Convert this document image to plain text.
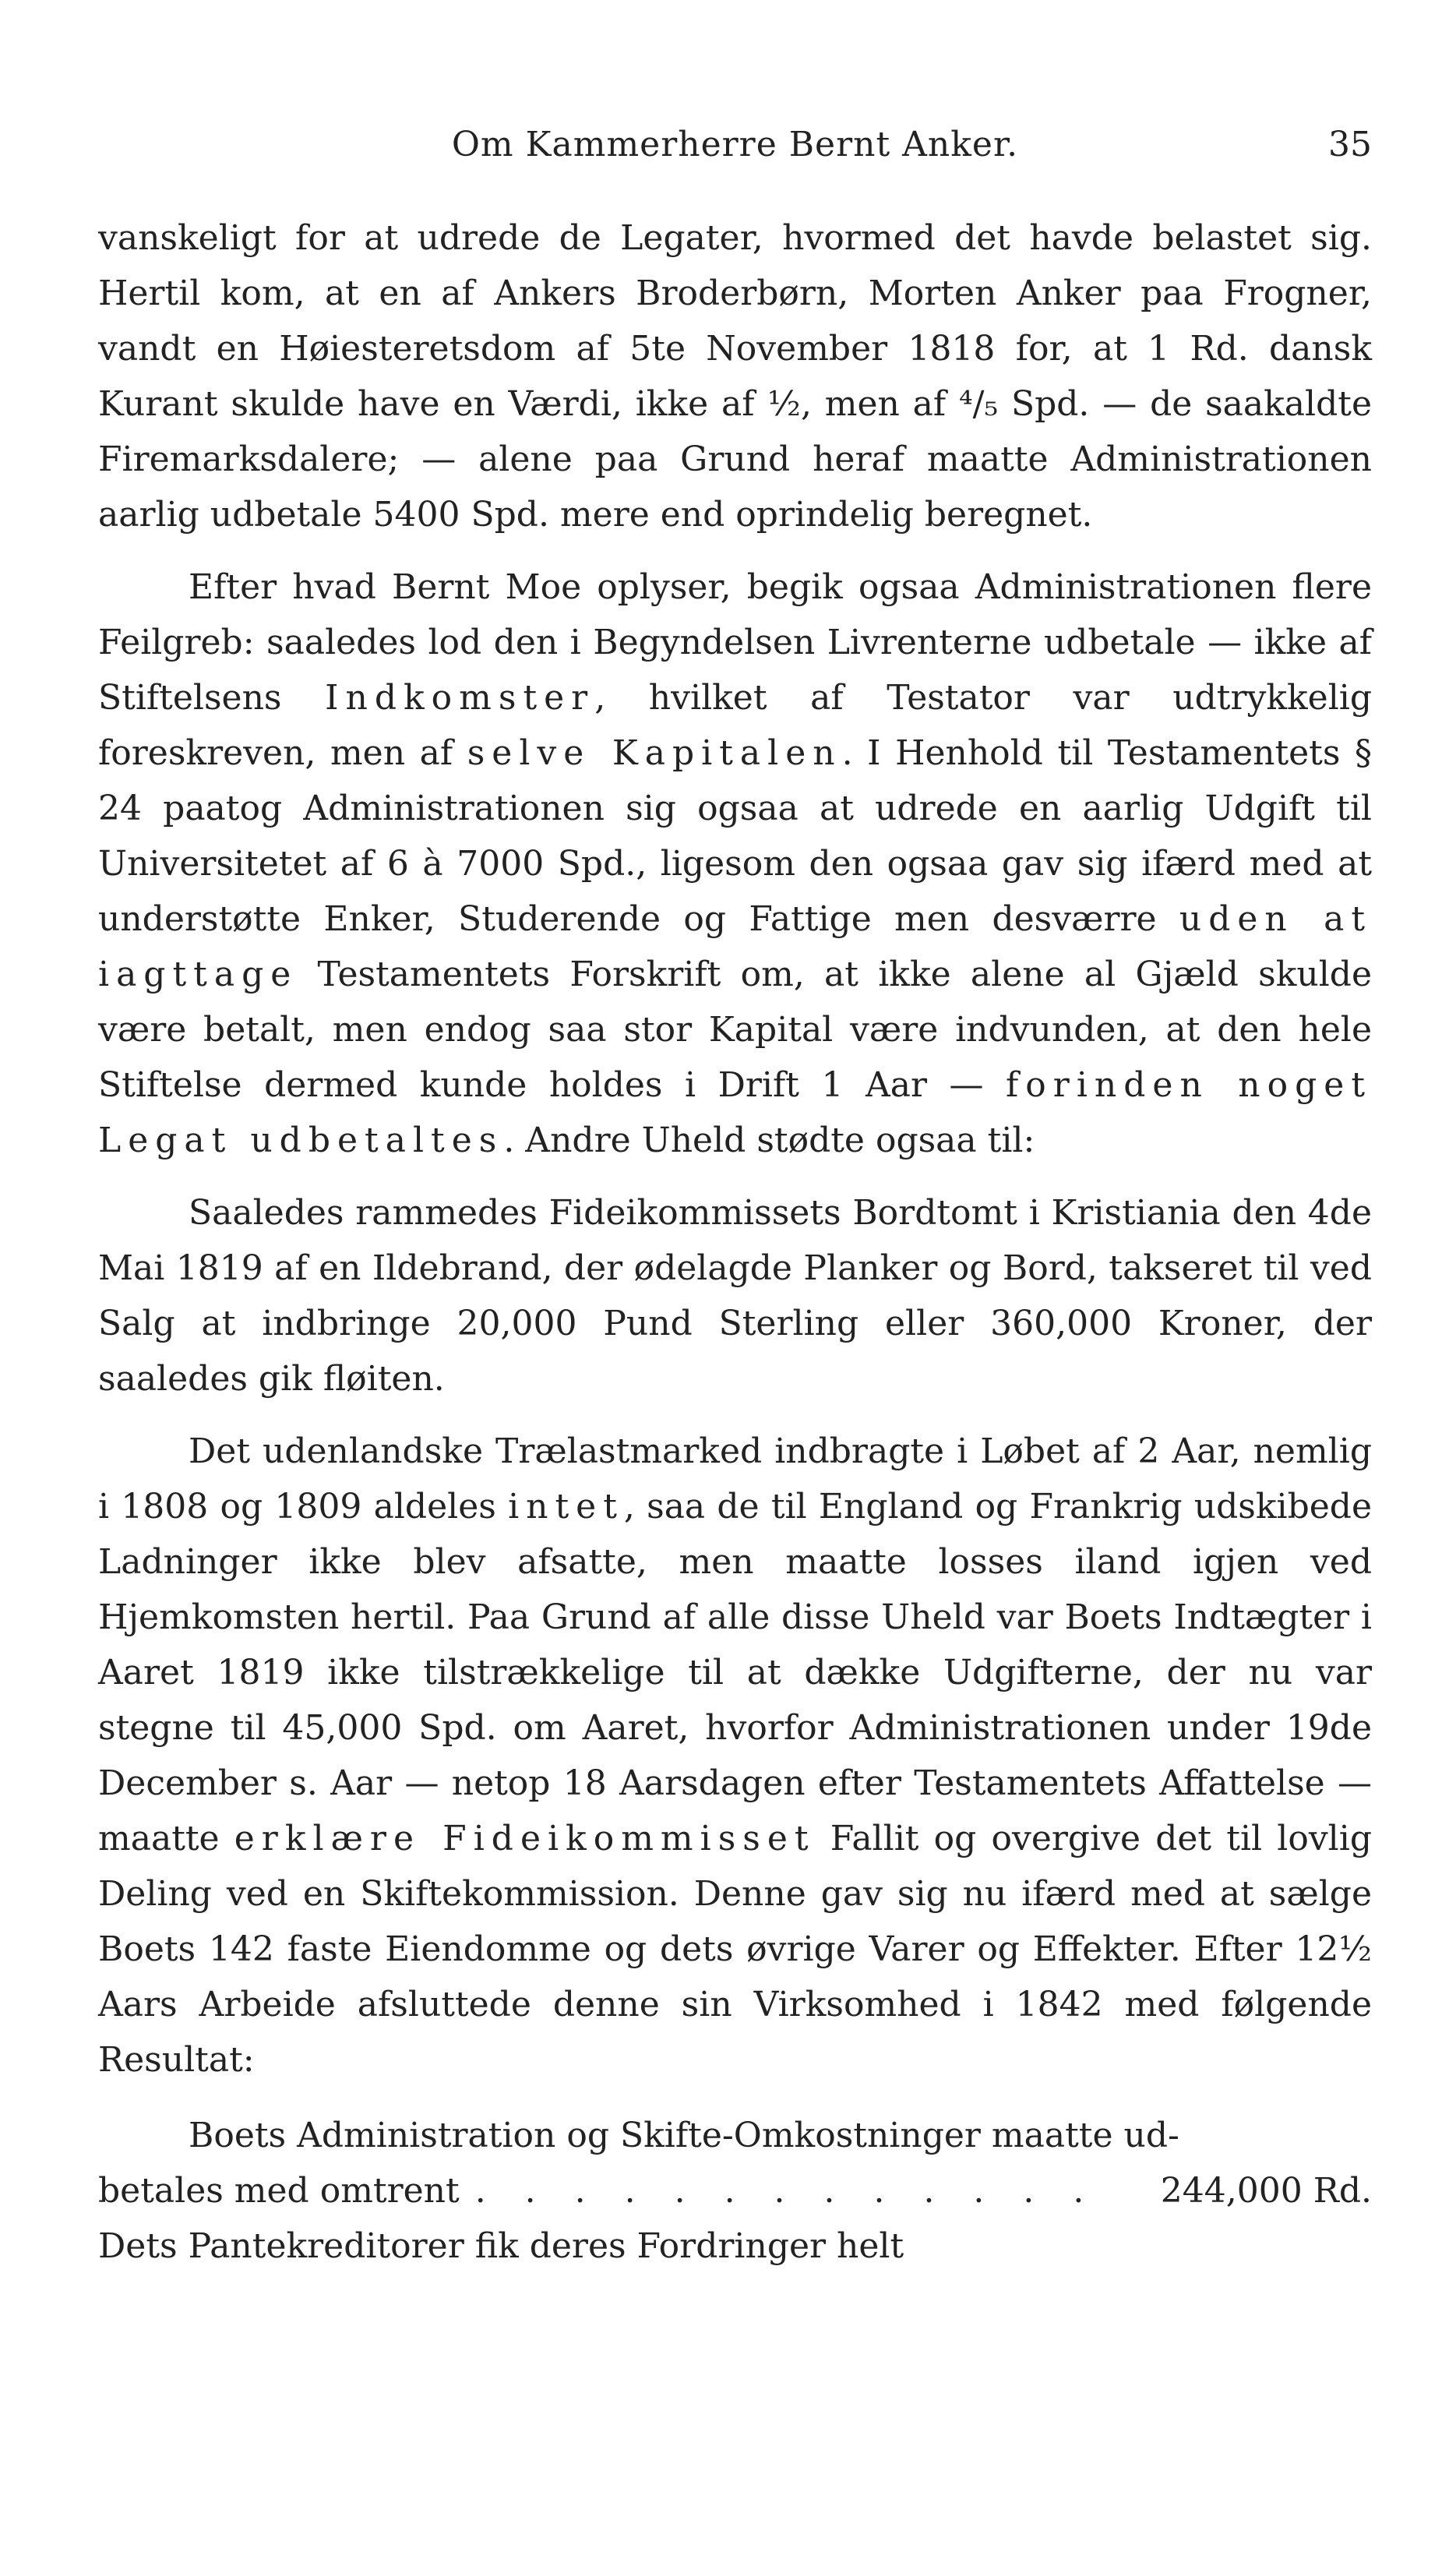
Om Kammerherre Bernt Anker.	35

vanskeligt for at udrede de Legater, hvormed det havde belastet sig. Hertil kom, at en af Ankers Broderbørn, Morten Anker paa Frogner, vandt en Høiesteretsdom af 5te November 1818 for, at 1 Rd. dansk Kurant skulde have en Værdi, ikke af ½, men af ⁴/₅ Spd. — de saakaldte Firemarksdalere; — alene paa Grund heraf maatte Administrationen aarlig udbetale 5400 Spd. mere end oprindelig beregnet.

Efter hvad Bernt Moe oplyser, begik ogsaa Administrationen flere Feilgreb: saaledes lod den i Begyndelsen Livrenterne udbetale — ikke af Stiftelsens Indkomster, hvilket af Testator var udtrykkelig foreskreven, men af selve Kapitalen. I Henhold til Testamentets § 24 paatog Administrationen sig ogsaa at udrede en aarlig Udgift til Universitetet af 6 à 7000 Spd., ligesom den ogsaa gav sig ifærd med at understøtte Enker, Studerende og Fattige men desværre uden at iagttage Testamentets Forskrift om, at ikke alene al Gjæld skulde være betalt, men endog saa stor Kapital være indvunden, at den hele Stiftelse dermed kunde holdes i Drift 1 Aar — forinden noget Legat udbetaltes. Andre Uheld stødte ogsaa til:

Saaledes rammedes Fideikommissets Bordtomt i Kristiania den 4de Mai 1819 af en Ildebrand, der ødelagde Planker og Bord, takseret til ved Salg at indbringe 20,000 Pund Sterling eller 360,000 Kroner, der saaledes gik fløiten.

Det udenlandske Trælastmarked indbragte i Løbet af 2 Aar, nemlig i 1808 og 1809 aldeles intet, saa de til England og Frankrig udskibede Ladninger ikke blev afsatte, men maatte losses iland igjen ved Hjemkomsten hertil. Paa Grund af alle disse Uheld var Boets Indtægter i Aaret 1819 ikke tilstrækkelige til at dække Udgifterne, der nu var stegne til 45,000 Spd. om Aaret, hvorfor Administrationen under 19de December s. Aar — netop 18 Aarsdagen efter Testamentets Affattelse — maatte erklære Fideikommisset Fallit og overgive det til lovlig Deling ved en Skiftekommission. Denne gav sig nu ifærd med at sælge Boets 142 faste Eiendomme og dets øvrige Varer og Effekter. Efter 12½ Aars Arbeide afsluttede denne sin Virksomhed i 1842 med følgende Resultat:

Boets Administration og Skifte-Omkostninger maatte ud-

betales med omtrent . . . . . . . . . . . . .	244,000 Rd.

Dets Pantekreditorer fik deres Fordringer helt
